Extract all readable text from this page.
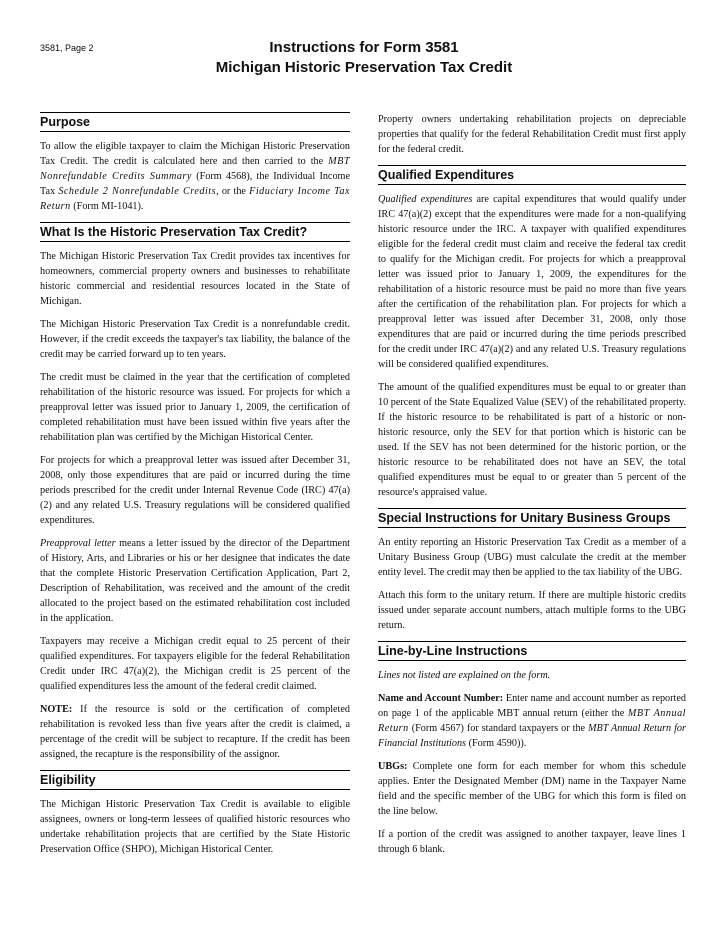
3581, Page 2	Instructions for Form 3581
Michigan Historic Preservation Tax Credit
Purpose

To allow the eligible taxpayer to claim the Michigan Historic Preservation Tax Credit. The credit is calculated here and then carried to the MBT Nonrefundable Credits Summary (Form 4568), the Individual Income Tax Schedule 2 Nonrefundable Credits, or the Fiduciary Income Tax Return (Form MI-1041).

What Is the Historic Preservation Tax Credit?

The Michigan Historic Preservation Tax Credit provides tax incentives for homeowners, commercial property owners and businesses to rehabilitate historic commercial and residential resources located in the State of Michigan.

The Michigan Historic Preservation Tax Credit is a nonrefundable credit. However, if the credit exceeds the taxpayer's tax liability, the balance of the credit may be carried forward up to ten years.

The credit must be claimed in the year that the certification of completed rehabilitation of the historic resource was issued. For projects for which a preapproval letter was issued prior to January 1, 2009, the certification of completed rehabilitation must have been issued within five years after the rehabilitation plan was certified by the Michigan Historical Center.

For projects for which a preapproval letter was issued after December 31, 2008, only those expenditures that are paid or incurred during the time periods prescribed for the credit under Internal Revenue Code (IRC) 47(a)(2) and any related U.S. Treasury regulations will be considered qualified expenditures.

Preapproval letter means a letter issued by the director of the Department of History, Arts, and Libraries or his or her designee that indicates the date that the complete Historic Preservation Certification Application, Part 2, Description of Rehabilitation, was received and the amount of the credit allocated to the project based on the estimated rehabilitation cost included in the application.

Taxpayers may receive a Michigan credit equal to 25 percent of their qualified expenditures. For taxpayers eligible for the federal Rehabilitation Credit under IRC 47(a)(2), the Michigan credit is 25 percent of the qualified expenditures less the amount of the federal credit claimed.

NOTE: If the resource is sold or the certification of completed rehabilitation is revoked less than five years after the credit is claimed, a percentage of the credit will be subject to recapture. If the credit has been assigned, the recapture is the responsibility of the assignor.

Eligibility

The Michigan Historic Preservation Tax Credit is available to eligible assignees, owners or long-term lessees of qualified historic resources who undertake rehabilitation projects that are certified by the State Historic Preservation Office (SHPO), Michigan Historical Center.

Property owners undertaking rehabilitation projects on depreciable properties that qualify for the federal Rehabilitation Credit must first apply for the federal credit.

Qualified Expenditures

Qualified expenditures are capital expenditures that would qualify under IRC 47(a)(2) except that the expenditures were made for a non-qualifying historic resource under the IRC. A taxpayer with qualified expenditures eligible for the federal credit must claim and receive the federal tax credit to qualify for the Michigan credit. For projects for which a preapproval letter was issued prior to January 1, 2009, the expenditures for the rehabilitation of a historic resource must be paid no more than five years after the certification of the rehabilitation plan. For projects for which a preapproval letter was issued after December 31, 2008, only those expenditures that are paid or incurred during the time periods prescribed for the credit under IRC 47(a)(2) and any related U.S. Treasury regulations will be considered qualified expenditures.

The amount of the qualified expenditures must be equal to or greater than 10 percent of the State Equalized Value (SEV) of the rehabilitated property. If the historic resource to be rehabilitated is part of a historic or non-historic resource, only the SEV for that portion which is historic can be used. If the SEV has not been determined for the historic portion, or the historic resource to be rehabilitated does not have an SEV, the total qualified expenditures must be equal to or greater than 5 percent of the resource's appraised value.

Special Instructions for Unitary Business Groups

An entity reporting an Historic Preservation Tax Credit as a member of a Unitary Business Group (UBG) must calculate the credit at the member entity level. The credit may then be applied to the tax liability of the UBG.

Attach this form to the unitary return. If there are multiple historic credits issued under separate account numbers, attach multiple forms to the UBG return.

Line-by-Line Instructions

Lines not listed are explained on the form.

Name and Account Number: Enter name and account number as reported on page 1 of the applicable MBT annual return (either the MBT Annual Return (Form 4567) for standard taxpayers or the MBT Annual Return for Financial Institutions (Form 4590)).

UBGs: Complete one form for each member for whom this schedule applies. Enter the Designated Member (DM) name in the Taxpayer Name field and the specific member of the UBG for which this form is filed on the line below.

If a portion of the credit was assigned to another taxpayer, leave lines 1 through 6 blank.
